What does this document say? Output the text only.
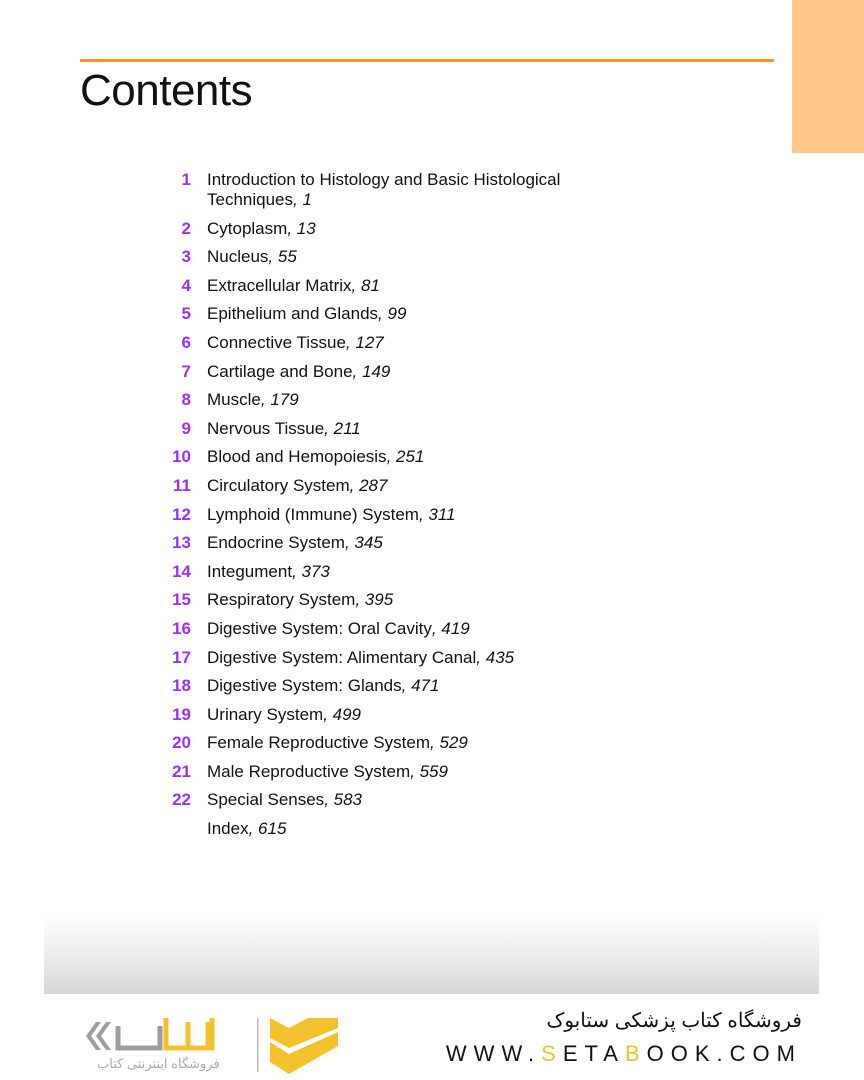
Contents
1 Introduction to Histology and Basic Histological Techniques, 1
2 Cytoplasm, 13
3 Nucleus, 55
4 Extracellular Matrix, 81
5 Epithelium and Glands, 99
6 Connective Tissue, 127
7 Cartilage and Bone, 149
8 Muscle, 179
9 Nervous Tissue, 211
10 Blood and Hemopoiesis, 251
11 Circulatory System, 287
12 Lymphoid (Immune) System, 311
13 Endocrine System, 345
14 Integument, 373
15 Respiratory System, 395
16 Digestive System: Oral Cavity, 419
17 Digestive System: Alimentary Canal, 435
18 Digestive System: Glands, 471
19 Urinary System, 499
20 Female Reproductive System, 529
21 Male Reproductive System, 559
22 Special Senses, 583
Index, 615
فروشگاه اینترنتی کتاب
فروشگاه کتاب پزشکی ستابوک
WWW.SETABOOK.COM
